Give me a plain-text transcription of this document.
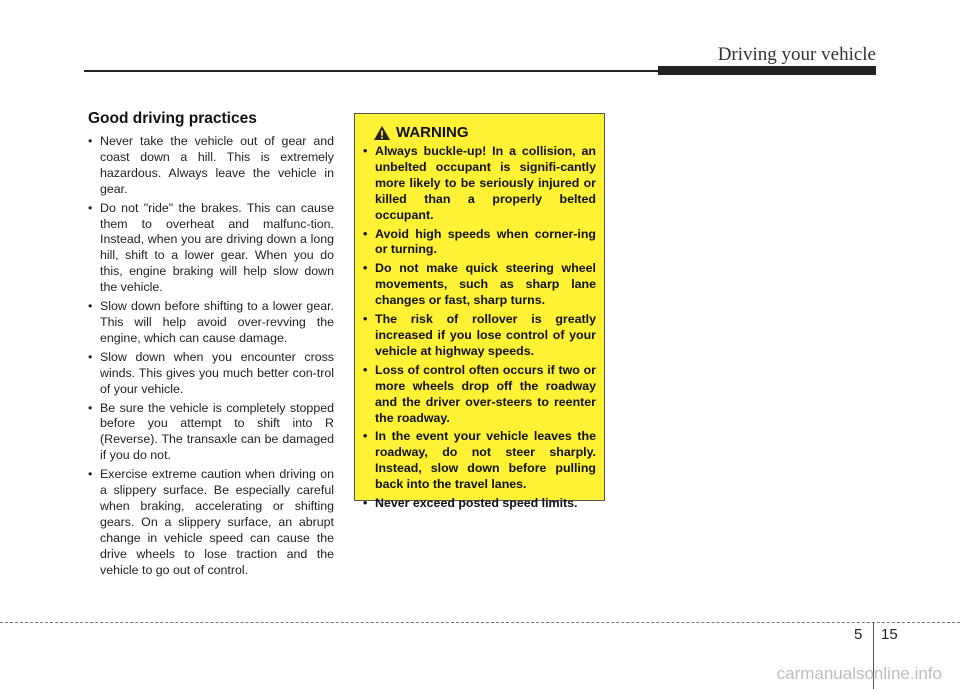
Driving your vehicle
Good driving practices
• Never take the vehicle out of gear and coast down a hill. This is extremely hazardous. Always leave the vehicle in gear.
• Do not "ride" the brakes. This can cause them to overheat and malfunc-tion. Instead, when you are driving down a long hill, shift to a lower gear. When you do this, engine braking will help slow down the vehicle.
• Slow down before shifting to a lower gear. This will help avoid over-revving the engine, which can cause damage.
• Slow down when you encounter cross winds. This gives you much better con-trol of your vehicle.
• Be sure the vehicle is completely stopped before you attempt to shift into R (Reverse). The transaxle can be damaged if you do not.
• Exercise extreme caution when driving on a slippery surface. Be especially careful when braking, accelerating or shifting gears. On a slippery surface, an abrupt change in vehicle speed can cause the drive wheels to lose traction and the vehicle to go out of control.
WARNING
• Always buckle-up! In a collision, an unbelted occupant is signifi-cantly more likely to be seriously injured or killed than a properly belted occupant.
• Avoid high speeds when corner-ing or turning.
• Do not make quick steering wheel movements, such as sharp lane changes or fast, sharp turns.
• The risk of rollover is greatly increased if you lose control of your vehicle at highway speeds.
• Loss of control often occurs if two or more wheels drop off the roadway and the driver over-steers to reenter the roadway.
• In the event your vehicle leaves the roadway, do not steer sharply. Instead, slow down before pulling back into the travel lanes.
• Never exceed posted speed limits.
5 15
carmanualsonline.info
